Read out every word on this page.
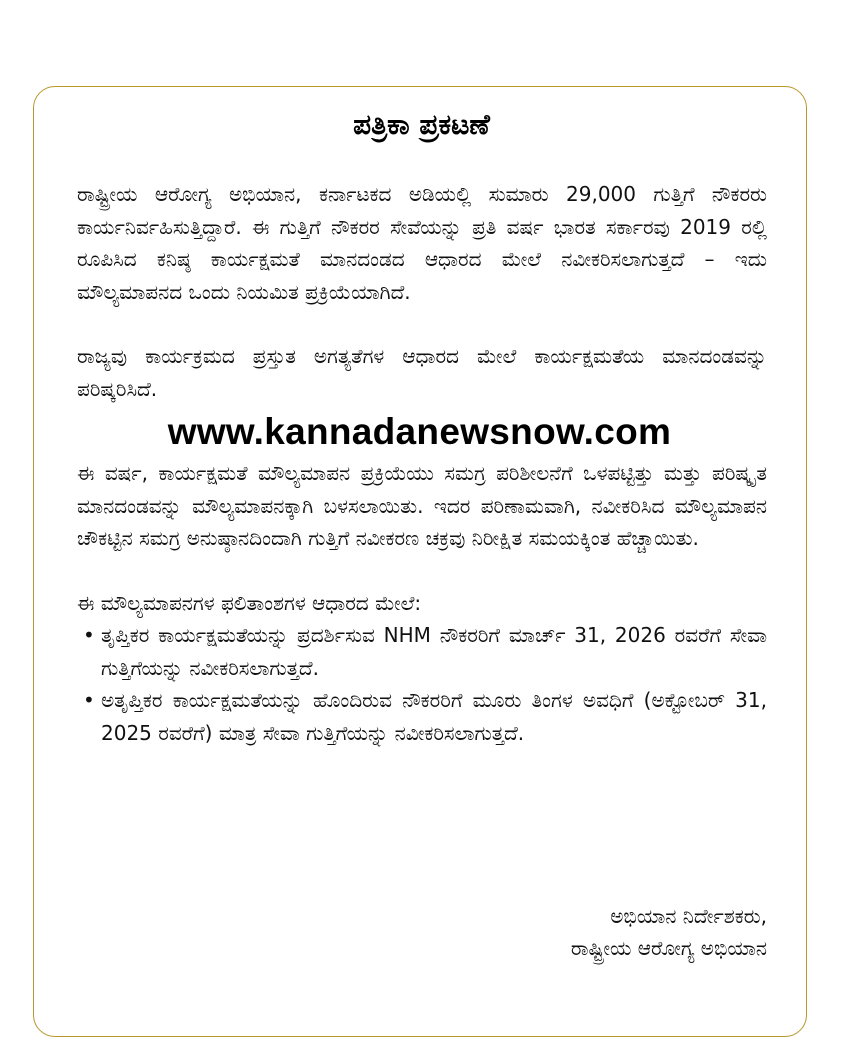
ಪತ್ರಿಕಾ ಪ್ರಕಟಣೆ

ರಾಷ್ಟ್ರೀಯ ಆರೋಗ್ಯ ಅಭಿಯಾನ, ಕರ್ನಾಟಕದ ಅಡಿಯಲ್ಲಿ ಸುಮಾರು 29,000 ಗುತ್ತಿಗೆ ನೌಕರರು ಕಾರ್ಯನಿರ್ವಹಿಸುತ್ತಿದ್ದಾರೆ. ಈ ಗುತ್ತಿಗೆ ನೌಕರರ ಸೇವೆಯನ್ನು ಪ್ರತಿ ವರ್ಷ ಭಾರತ ಸರ್ಕಾರವು 2019 ರಲ್ಲಿ ರೂಪಿಸಿದ ಕನಿಷ್ಠ ಕಾರ್ಯಕ್ಷಮತೆ ಮಾನದಂಡದ ಆಧಾರದ ಮೇಲೆ ನವೀಕರಿಸಲಾಗುತ್ತದೆ – ಇದು ಮೌಲ್ಯಮಾಪನದ ಒಂದು ನಿಯಮಿತ ಪ್ರಕ್ರಿಯೆಯಾಗಿದೆ.

ರಾಜ್ಯವು ಕಾರ್ಯಕ್ರಮದ ಪ್ರಸ್ತುತ ಅಗತ್ಯತೆಗಳ ಆಧಾರದ ಮೇಲೆ ಕಾರ್ಯಕ್ಷಮತೆಯ ಮಾನದಂಡವನ್ನು ಪರಿಷ್ಕರಿಸಿದೆ.

www.kannadanewsnow.com

ಈ ವರ್ಷ, ಕಾರ್ಯಕ್ಷಮತೆ ಮೌಲ್ಯಮಾಪನ ಪ್ರಕ್ರಿಯೆಯು ಸಮಗ್ರ ಪರಿಶೀಲನೆಗೆ ಒಳಪಟ್ಟಿತ್ತು ಮತ್ತು ಪರಿಷ್ಕೃತ ಮಾನದಂಡವನ್ನು ಮೌಲ್ಯಮಾಪನಕ್ಕಾಗಿ ಬಳಸಲಾಯಿತು. ಇದರ ಪರಿಣಾಮವಾಗಿ, ನವೀಕರಿಸಿದ ಮೌಲ್ಯಮಾಪನ ಚೌಕಟ್ಟಿನ ಸಮಗ್ರ ಅನುಷ್ಠಾನದಿಂದಾಗಿ ಗುತ್ತಿಗೆ ನವೀಕರಣ ಚಕ್ರವು ನಿರೀಕ್ಷಿತ ಸಮಯಕ್ಕಿಂತ ಹೆಚ್ಚಾಯಿತು.

ಈ ಮೌಲ್ಯಮಾಪನಗಳ ಫಲಿತಾಂಶಗಳ ಆಧಾರದ ಮೇಲೆ:

• ತೃಪ್ತಿಕರ ಕಾರ್ಯಕ್ಷಮತೆಯನ್ನು ಪ್ರದರ್ಶಿಸುವ NHM ನೌಕರರಿಗೆ ಮಾರ್ಚ್ 31, 2026 ರವರೆಗೆ ಸೇವಾ ಗುತ್ತಿಗೆಯನ್ನು ನವೀಕರಿಸಲಾಗುತ್ತದೆ.
• ಅತೃಪ್ತಿಕರ ಕಾರ್ಯಕ್ಷಮತೆಯನ್ನು ಹೊಂದಿರುವ ನೌಕರರಿಗೆ ಮೂರು ತಿಂಗಳ ಅವಧಿಗೆ (ಅಕ್ಟೋಬರ್ 31, 2025 ರವರೆಗೆ) ಮಾತ್ರ ಸೇವಾ ಗುತ್ತಿಗೆಯನ್ನು ನವೀಕರಿಸಲಾಗುತ್ತದೆ.
ಅಭಿಯಾನ ನಿರ್ದೇಶಕರು,
ರಾಷ್ಟ್ರೀಯ ಆರೋಗ್ಯ ಅಭಿಯಾನ
